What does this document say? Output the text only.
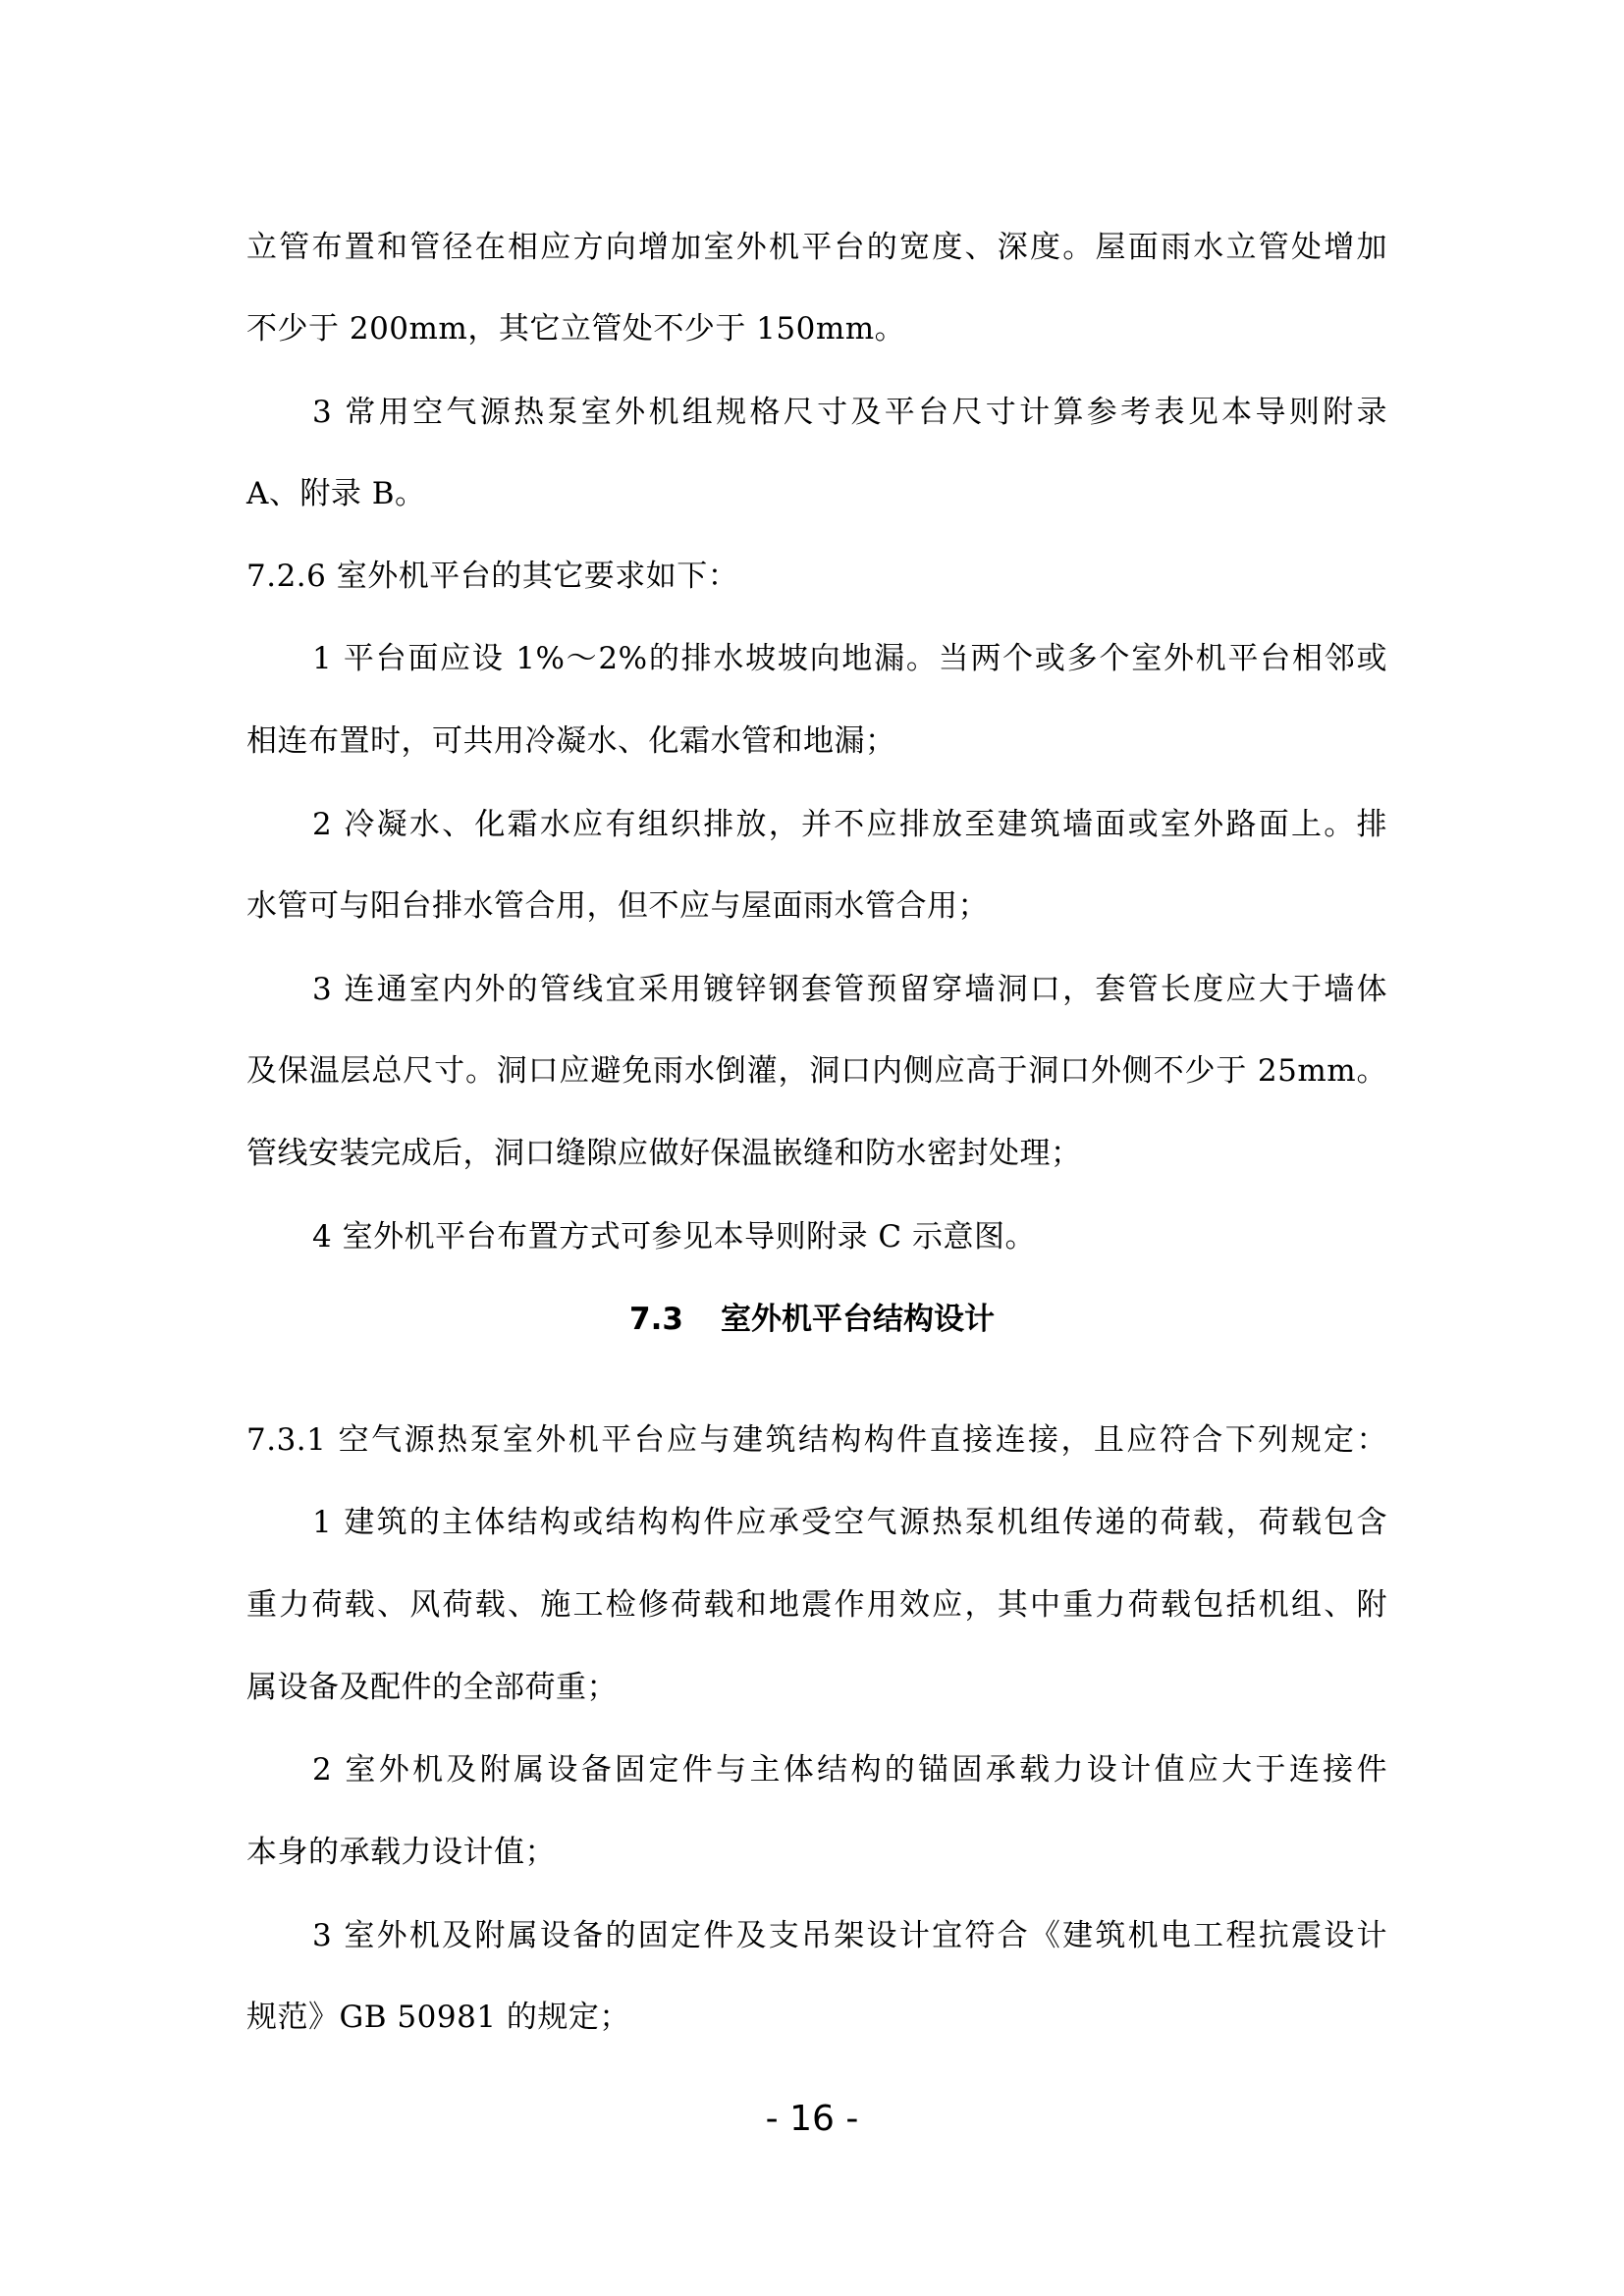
立管布置和管径在相应方向增加室外机平台的宽度、深度。屋面雨水立管处增加
不少于 200mm，其它立管处不少于 150mm。
3 常用空气源热泵室外机组规格尺寸及平台尺寸计算参考表见本导则附录
A、附录 B。
7.2.6 室外机平台的其它要求如下：
1 平台面应设 1%～2%的排水坡坡向地漏。当两个或多个室外机平台相邻或
相连布置时，可共用冷凝水、化霜水管和地漏；
2 冷凝水、化霜水应有组织排放，并不应排放至建筑墙面或室外路面上。排
水管可与阳台排水管合用，但不应与屋面雨水管合用；
3 连通室内外的管线宜采用镀锌钢套管预留穿墙洞口，套管长度应大于墙体
及保温层总尺寸。洞口应避免雨水倒灌，洞口内侧应高于洞口外侧不少于 25mm。
管线安装完成后，洞口缝隙应做好保温嵌缝和防水密封处理；
4 室外机平台布置方式可参见本导则附录 C 示意图。
7.3 室外机平台结构设计
7.3.1 空气源热泵室外机平台应与建筑结构构件直接连接，且应符合下列规定：
1 建筑的主体结构或结构构件应承受空气源热泵机组传递的荷载，荷载包含
重力荷载、风荷载、施工检修荷载和地震作用效应，其中重力荷载包括机组、附
属设备及配件的全部荷重；
2 室外机及附属设备固定件与主体结构的锚固承载力设计值应大于连接件
本身的承载力设计值；
3 室外机及附属设备的固定件及支吊架设计宜符合《建筑机电工程抗震设计
规范》GB 50981 的规定；
- 16 -
